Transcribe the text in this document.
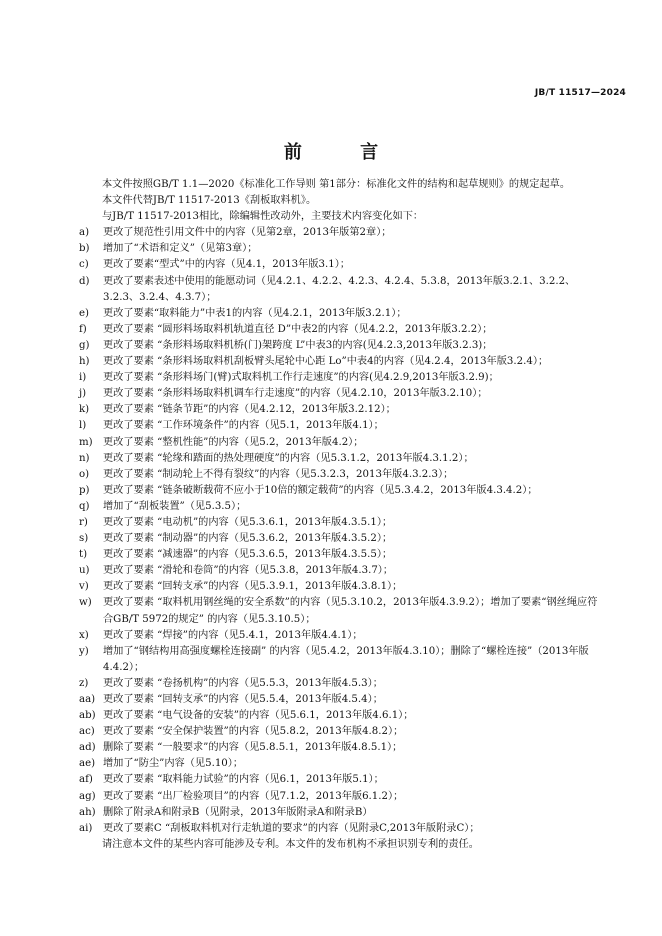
JB/T 11517—2024
前 言

本文件按照GB/T 1.1—2020《标准化工作导则 第1部分：标准化文件的结构和起草规则》的规定起草。

本文件代替JB/T 11517-2013《刮板取料机》。

与JB/T 11517-2013相比，除编辑性改动外，主要技术内容变化如下：

a)	更改了规范性引用文件中的内容（见第2章，2013年版第2章）；
b)	增加了“术语和定义”（见第3章）；
c)	更改了要素“型式”中的内容（见4.1，2013年版3.1）；
d)	更改了要素表述中使用的能愿动词（见4.2.1、4.2.2、4.2.3、4.2.4、5.3.8，2013年版3.2.1、3.2.2、3.2.3、3.2.4、4.3.7）；
e)	更改了要素“取料能力”中表1的内容（见4.2.1，2013年版3.2.1）；
f)	更改了要素 “圆形料场取料机轨道直径 D”中表2的内容（见4.2.2，2013年版3.2.2）；
g)	更改了要素 “条形料场取料机桥(门)架跨度 L”中表3的内容(见4.2.3,2013年版3.2.3)；
h)	更改了要素 “条形料场取料机刮板臂头尾轮中心距 Lo”中表4的内容（见4.2.4，2013年版3.2.4）；
i)	更改了要素 “条形料场门(臂)式取料机工作行走速度”的内容(见4.2.9,2013年版3.2.9)；
j)	更改了要素 “条形料场取料机调车行走速度”的内容（见4.2.10，2013年版3.2.10）；
k)	更改了要素 “链条节距”的内容（见4.2.12，2013年版3.2.12）；
l)	更改了要素 “工作环境条件”的内容（见5.1，2013年版4.1）；
m)	更改了要素 “整机性能”的内容（见5.2，2013年版4.2）；
n)	更改了要素 “轮缘和踏面的热处理硬度”的内容（见5.3.1.2，2013年版4.3.1.2）；
o)	更改了要素 “制动轮上不得有裂纹”的内容（见5.3.2.3，2013年版4.3.2.3）；
p)	更改了要素 “链条破断载荷不应小于10倍的额定载荷”的内容（见5.3.4.2，2013年版4.3.4.2）；
q)	增加了“刮板装置”（见5.3.5）；
r)	更改了要素 “电动机”的内容（见5.3.6.1，2013年版4.3.5.1）；
s)	更改了要素 “制动器”的内容（见5.3.6.2，2013年版4.3.5.2）；
t)	更改了要素 “减速器”的内容（见5.3.6.5，2013年版4.3.5.5）；
u)	更改了要素 “滑轮和卷筒”的内容（见5.3.8，2013年版4.3.7）；
v)	更改了要素 “回转支承”的内容（见5.3.9.1，2013年版4.3.8.1）；
w)	更改了要素 “取料机用钢丝绳的安全系数”的内容（见5.3.10.2，2013年版4.3.9.2）；增加了要素“钢丝绳应符合GB/T 5972的规定” 的内容（见5.3.10.5）；
x)	更改了要素 “焊接”的内容（见5.4.1，2013年版4.4.1）；
y)	增加了“钢结构用高强度螺栓连接副” 的内容（见5.4.2，2013年版4.3.10）；删除了“螺栓连接”（2013年版4.4.2）；
z)	更改了要素 “卷扬机构”的内容（见5.5.3，2013年版4.5.3）；
aa) 更改了要素 “回转支承”的内容（见5.5.4，2013年版4.5.4）；
ab) 更改了要素 “电气设备的安装”的内容（见5.6.1，2013年版4.6.1）；
ac) 更改了要素 “安全保护装置”的内容（见5.8.2，2013年版4.8.2）；
ad) 删除了要素 “一般要求”的内容（见5.8.5.1，2013年版4.8.5.1）；
ae) 增加了“防尘”内容（见5.10）；
af) 更改了要素 “取料能力试验”的内容（见6.1，2013年版5.1）；
ag) 更改了要素 “出厂检验项目”的内容（见7.1.2，2013年版6.1.2）；
ah) 删除了附录A和附录B（见附录，2013年版附录A和附录B）
ai)	更改了要素C “刮板取料机对行走轨道的要求”的内容（见附录C,2013年版附录C）；

请注意本文件的某些内容可能涉及专利。本文件的发布机构不承担识别专利的责任。
